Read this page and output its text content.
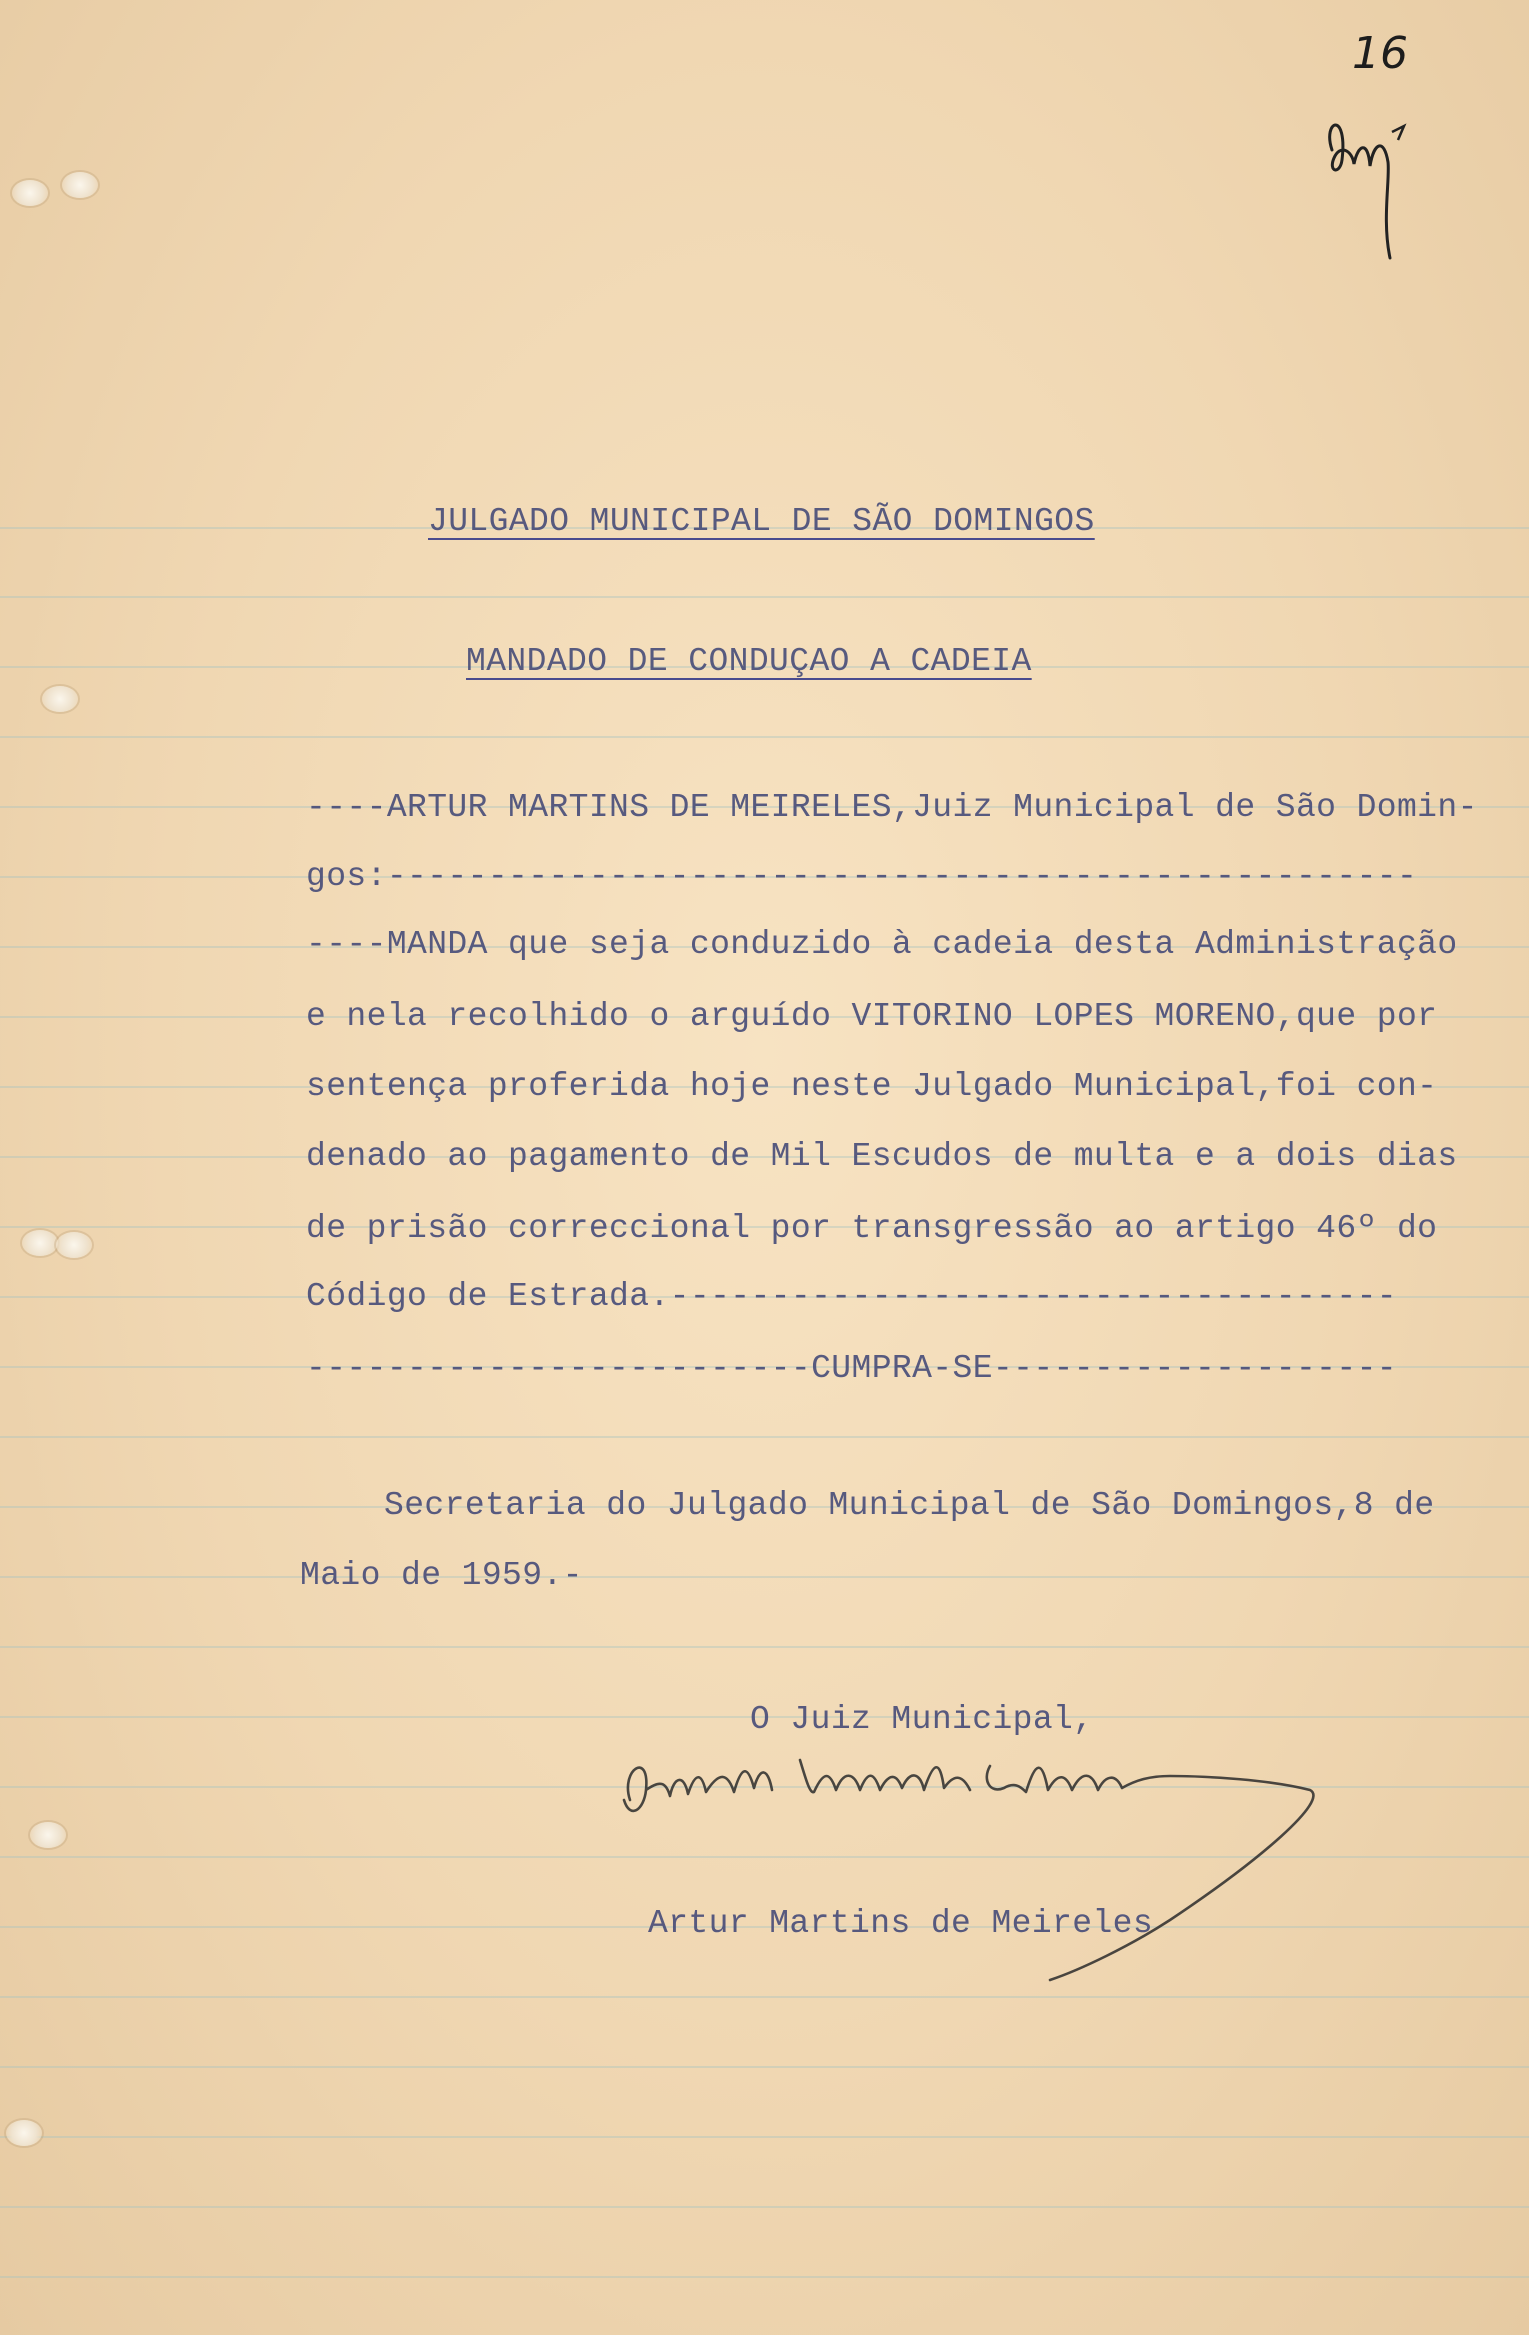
16
JULGADO MUNICIPAL DE SÃO DOMINGOS
MANDADO DE CONDUÇAO A CADEIA
----ARTUR MARTINS DE MEIRELES,Juiz Municipal de São Domin-
gos:---------------------------------------------------
----MANDA que seja conduzido à cadeia desta Administração
e nela recolhido o arguído VITORINO LOPES MORENO,que por
sentença proferida hoje neste Julgado Municipal,foi con-
denado ao pagamento de Mil Escudos de multa e a dois dias
de prisão correccional por transgressão ao artigo 46º do
Código de Estrada.------------------------------------
-------------------------CUMPRA-SE--------------------
Secretaria do Julgado Municipal de São Domingos,8 de
Maio de 1959.-
O Juiz Municipal,
Artur Martins de Meireles
